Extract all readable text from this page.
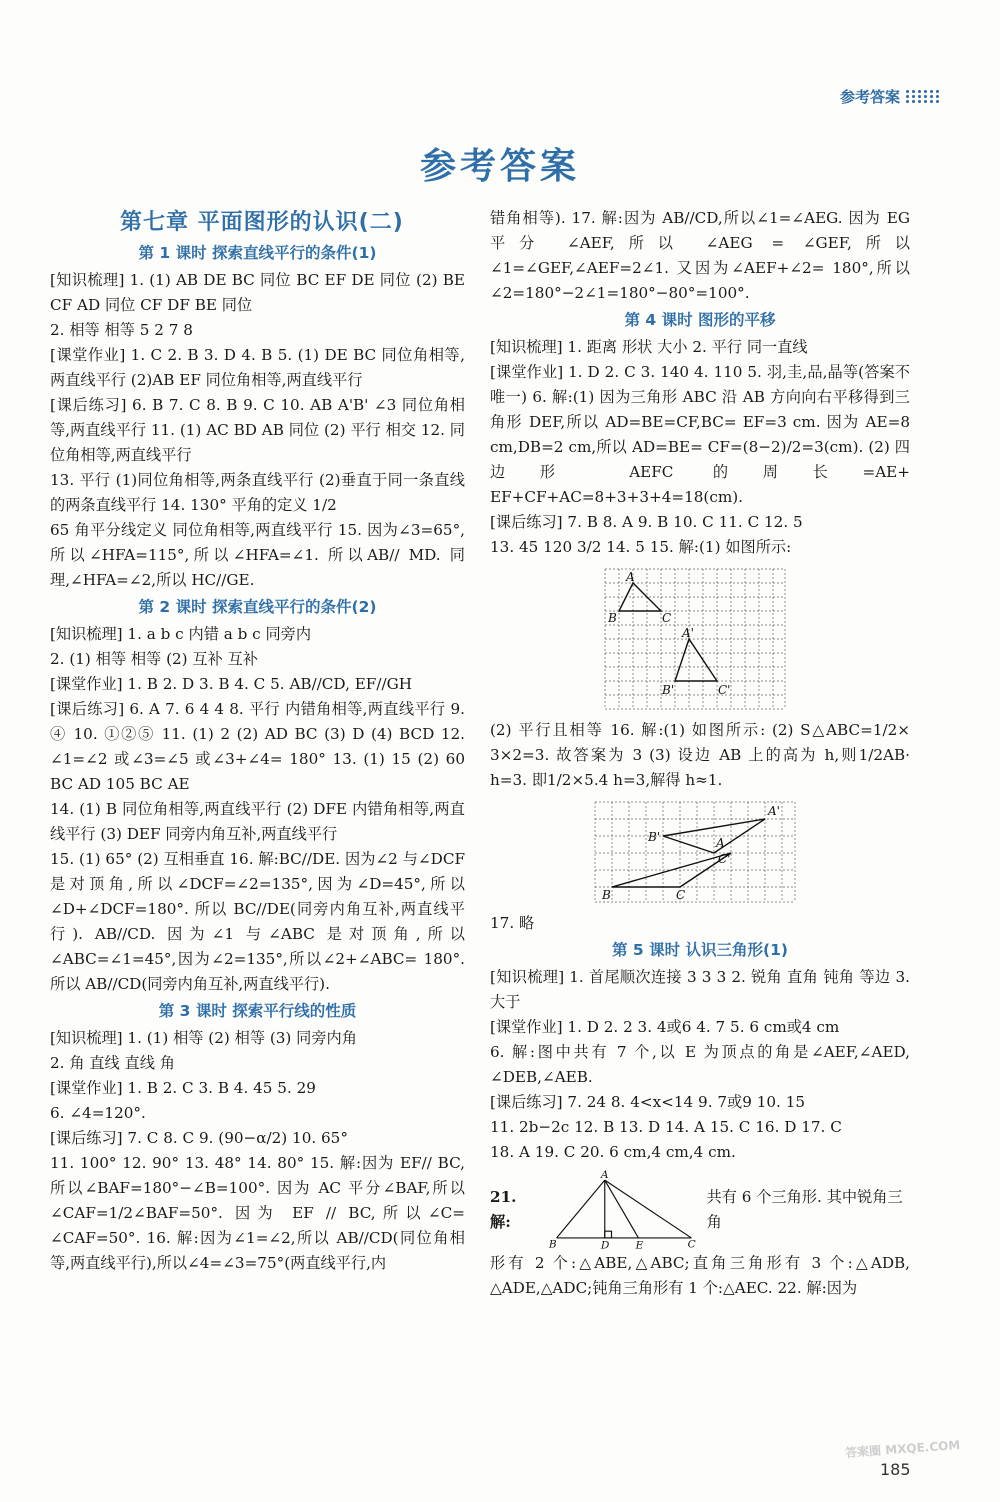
参考答案
参考答案
第七章 平面图形的认识(二)
第 1 课时 探索直线平行的条件(1)

[知识梳理] 1. (1) AB DE BC 同位 BC EF DE 同位 (2) BE CF AD 同位 CF DF BE 同位

2. 相等 相等 5 2 7 8

[课堂作业] 1. C 2. B 3. D 4. B 5. (1) DE BC 同位角相等,两直线平行 (2)AB EF 同位角相等,两直线平行

[课后练习] 6. B 7. C 8. B 9. C 10. AB A'B' ∠3 同位角相等,两直线平行 11. (1) AC BD AB 同位 (2) 平行 相交 12. 同位角相等,两直线平行

13. 平行 (1)同位角相等,两条直线平行 (2)垂直于同一条直线的两条直线平行 14. 130° 平角的定义 1/2

65 角平分线定义 同位角相等,两直线平行 15. 因为∠3=65°,所以∠HFA=115°,所以∠HFA=∠1. 所以AB// MD. 同理,∠HFA=∠2,所以 HC//GE.

第 2 课时 探索直线平行的条件(2)

[知识梳理] 1. a b c 内错 a b c 同旁内

2. (1) 相等 相等 (2) 互补 互补

[课堂作业] 1. B 2. D 3. B 4. C 5. AB//CD, EF//GH

[课后练习] 6. A 7. 6 4 4 8. 平行 内错角相等,两直线平行 9. ④ 10. ①②⑤ 11. (1) 2 (2) AD BC (3) D (4) BCD 12. ∠1=∠2 或∠3=∠5 或∠3+∠4= 180° 13. (1) 15 (2) 60 BC AD 105 BC AE

14. (1) B 同位角相等,两直线平行 (2) DFE 内错角相等,两直线平行 (3) DEF 同旁内角互补,两直线平行

15. (1) 65° (2) 互相垂直 16. 解:BC//DE. 因为∠2 与∠DCF 是对顶角,所以∠DCF=∠2=135°,因为∠D=45°,所以∠D+∠DCF=180°. 所以 BC//DE(同旁内角互补,两直线平行). AB//CD. 因为∠1 与∠ABC 是对顶角,所以∠ABC=∠1=45°,因为∠2=135°,所以∠2+∠ABC= 180°. 所以 AB//CD(同旁内角互补,两直线平行).

第 3 课时 探索平行线的性质

[知识梳理] 1. (1) 相等 (2) 相等 (3) 同旁内角

2. 角 直线 直线 角

[课堂作业] 1. B 2. C 3. B 4. 45 5. 29

6. ∠4=120°.

[课后练习] 7. C 8. C 9. (90−α/2) 10. 65°

11. 100° 12. 90° 13. 48° 14. 80° 15. 解:因为 EF// BC,所以∠BAF=180°−∠B=100°. 因为 AC 平分∠BAF,所以∠CAF=1/2∠BAF=50°. 因为 EF // BC,所以∠C= ∠CAF=50°. 16. 解:因为∠1=∠2,所以 AB//CD(同位角相等,两直线平行),所以∠4=∠3=75°(两直线平行,内

错角相等). 17. 解:因为 AB//CD,所以∠1=∠AEG. 因为 EG 平分 ∠AEF,所以 ∠AEG = ∠GEF,所以∠1=∠GEF,∠AEF=2∠1. 又因为∠AEF+∠2= 180°,所以∠2=180°−2∠1=180°−80°=100°.

第 4 课时 图形的平移

[知识梳理] 1. 距离 形状 大小 2. 平行 同一直线

[课堂作业] 1. D 2. C 3. 140 4. 110 5. 羽,圭,品,晶等(答案不唯一) 6. 解:(1) 因为三角形 ABC 沿 AB 方向向右平移得到三角形 DEF,所以 AD=BE=CF,BC= EF=3 cm. 因为 AE=8 cm,DB=2 cm,所以 AD=BE= CF=(8−2)/2=3(cm). (2) 四边形 AEFC 的周长=AE+ EF+CF+AC=8+3+3+4=18(cm).

[课后练习] 7. B 8. A 9. B 10. C 11. C 12. 5

13. 45 120 3/2 14. 5 15. 解:(1) 如图所示:

A
B	C
A'
B'	C'

(2) 平行且相等 16. 解:(1) 如图所示: (2) S△ABC=1/2× 3×2=3. 故答案为 3 (3) 设边 AB 上的高为 h,则1/2AB· h=3. 即1/2×5.4 h=3,解得 h≈1.

A'
B'	A
C'
B	C

17. 略

第 5 课时 认识三角形(1)

[知识梳理] 1. 首尾顺次连接 3 3 3 2. 锐角 直角 钝角 等边 3. 大于

[课堂作业] 1. D 2. 2 3. 4或6 4. 7 5. 6 cm或4 cm

6. 解:图中共有 7 个,以 E 为顶点的角是∠AEF,∠AED, ∠DEB,∠AEB.

[课后练习] 7. 24 8. 4<x<14 9. 7或9 10. 15

11. 2b−2c 12. B 13. D 14. A 15. C 16. D 17. C

18. A 19. C 20. 6 cm,4 cm,4 cm.

21. 解:
A
B	D E	C
共有 6 个三角形. 其中锐角三角

形有 2 个:△ABE,△ABC;直角三角形有 3 个:△ADB, △ADE,△ADC;钝角三角形有 1 个:△AEC. 22. 解:因为

答案圈 MXQE.COM
185
